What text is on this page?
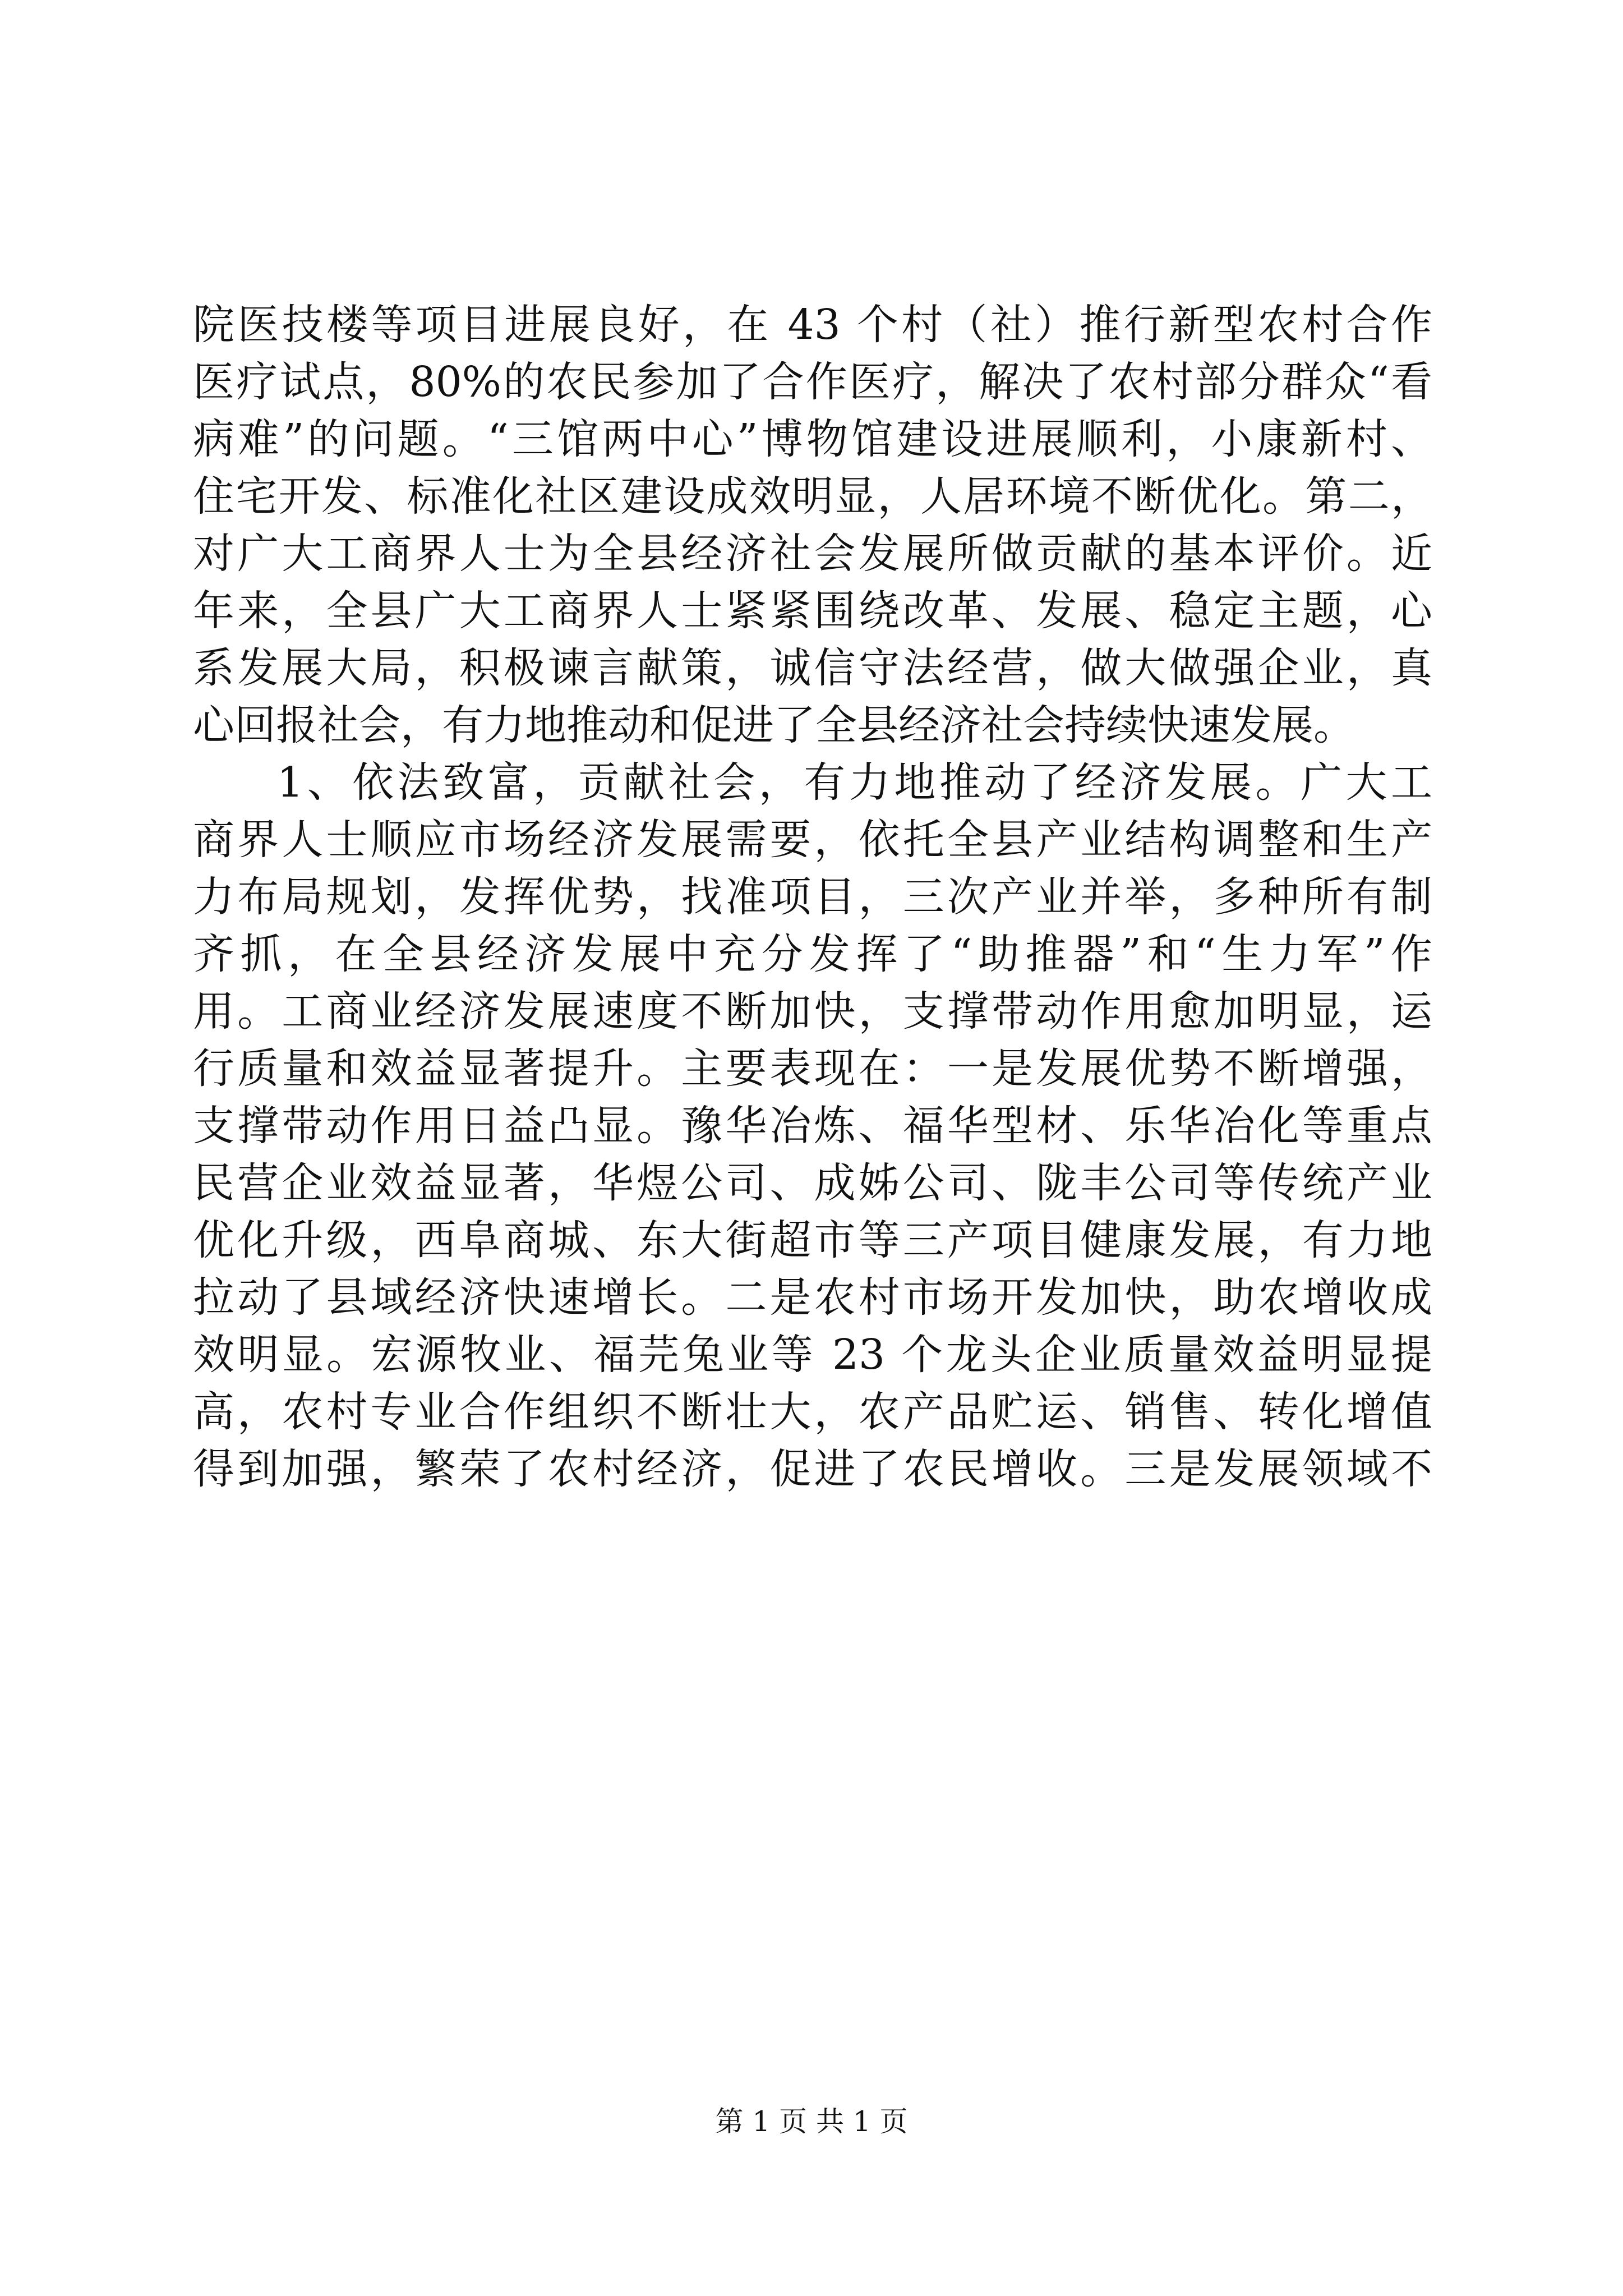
院医技楼等项目进展良好，在 43 个村（社）推行新型农村合作
医疗试点，80%的农民参加了合作医疗，解决了农村部分群众“看
病难”的问题。“三馆两中心”博物馆建设进展顺利，小康新村、
住宅开发、标准化社区建设成效明显，人居环境不断优化。第二，
对广大工商界人士为全县经济社会发展所做贡献的基本评价。近
年来，全县广大工商界人士紧紧围绕改革、发展、稳定主题，心
系发展大局，积极谏言献策，诚信守法经营，做大做强企业，真
心回报社会，有力地推动和促进了全县经济社会持续快速发展。
1、依法致富，贡献社会，有力地推动了经济发展。广大工
商界人士顺应市场经济发展需要，依托全县产业结构调整和生产
力布局规划，发挥优势，找准项目，三次产业并举，多种所有制
齐抓，在全县经济发展中充分发挥了“助推器”和“生力军”作
用。工商业经济发展速度不断加快，支撑带动作用愈加明显，运
行质量和效益显著提升。主要表现在：一是发展优势不断增强，
支撑带动作用日益凸显。豫华冶炼、福华型材、乐华冶化等重点
民营企业效益显著，华煜公司、成姊公司、陇丰公司等传统产业
优化升级，西阜商城、东大街超市等三产项目健康发展，有力地
拉动了县域经济快速增长。二是农村市场开发加快，助农增收成
效明显。宏源牧业、福芫兔业等 23 个龙头企业质量效益明显提
高，农村专业合作组织不断壮大，农产品贮运、销售、转化增值
得到加强，繁荣了农村经济，促进了农民增收。三是发展领域不
第 1 页 共 1 页
